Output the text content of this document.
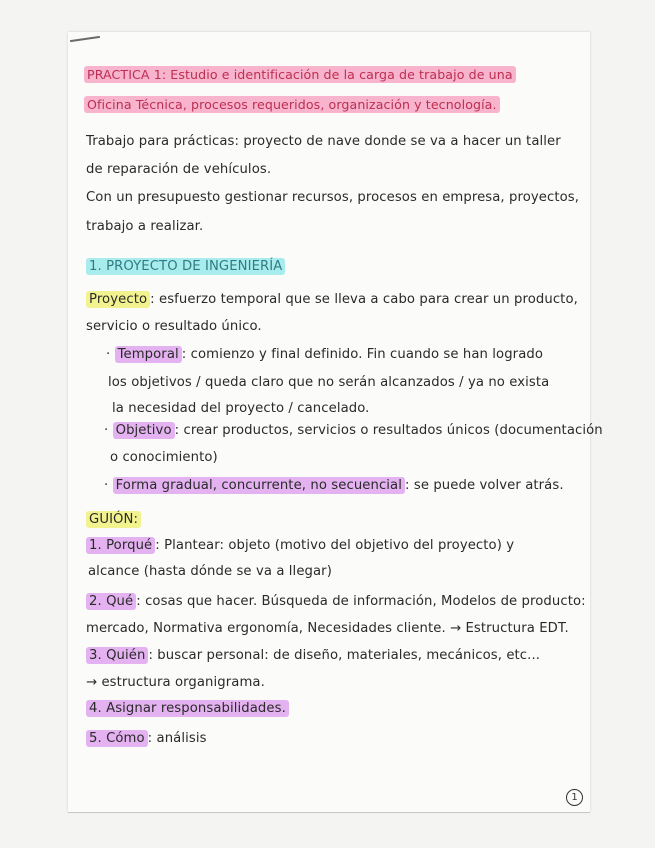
PRACTICA 1: Estudio e identificación de la carga de trabajo de una
Oficina Técnica, procesos requeridos, organización y tecnología.
Trabajo para prácticas: proyecto de nave donde se va a hacer un taller
de reparación de vehículos.
Con un presupuesto gestionar recursos, procesos en empresa, proyectos,
trabajo a realizar.
1. PROYECTO DE INGENIERÍA
Proyecto : esfuerzo temporal que se lleva a cabo para crear un producto,
servicio o resultado único.
· Temporal : comienzo y final definido. Fin cuando se han logrado
los objetivos / queda claro que no serán alcanzados / ya no exista
la necesidad del proyecto / cancelado.
· Objetivo : crear productos, servicios o resultados únicos (documentación
o conocimiento)
· Forma gradual, concurrente, no secuencial : se puede volver atrás.
GUIÓN:
1. Porqué : Plantear: objeto (motivo del objetivo del proyecto) y
alcance (hasta dónde se va a llegar)
2. Qué : cosas que hacer. Búsqueda de información, Modelos de producto:
mercado, Normativa ergonomía, Necesidades cliente. → Estructura EDT.
3. Quién : buscar personal: de diseño, materiales, mecánicos, etc...
→ estructura organigrama.
4. Asignar responsabilidades.
5. Cómo : análisis
1
